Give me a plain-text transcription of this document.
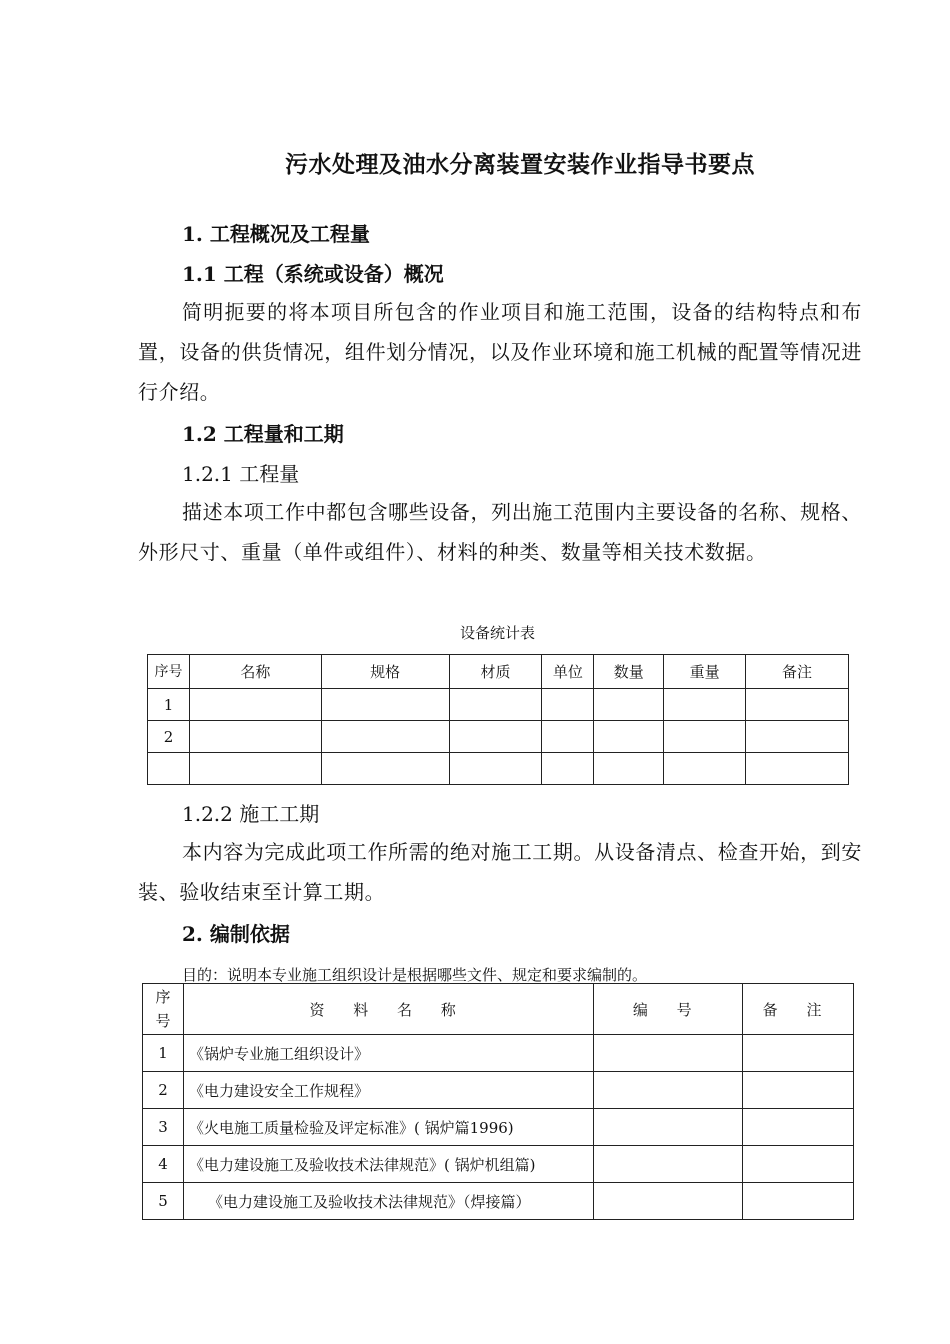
污水处理及油水分离装置安装作业指导书要点
1. 工程概况及工程量
1.1 工程（系统或设备）概况
简明扼要的将本项目所包含的作业项目和施工范围，设备的结构特点和布置，设备的供货情况，组件划分情况，以及作业环境和施工机械的配置等情况进行介绍。
1.2 工程量和工期
1.2.1 工程量
描述本项工作中都包含哪些设备，列出施工范围内主要设备的名称、规格、外形尺寸、重量（单件或组件）、材料的种类、数量等相关技术数据。
设备统计表
序号	名称	规格	材质	单位	数量	重量	备注
1							
2							

1.2.2 施工工期
本内容为完成此项工作所需的绝对施工工期。从设备清点、检查开始，到安装、验收结束至计算工期。
2. 编制依据
目的：说明本专业施工组织设计是根据哪些文件、规定和要求编制的。
序号	资 料 名 称	编 号	备 注
1	《锅炉专业施工组织设计》		
2	《电力建设安全工作规程》		
3	《火电施工质量检验及评定标准》( 锅炉篇1996)		
4	《电力建设施工及验收技术法律规范》( 锅炉机组篇)		
5	《电力建设施工及验收技术法律规范》（焊接篇）		
